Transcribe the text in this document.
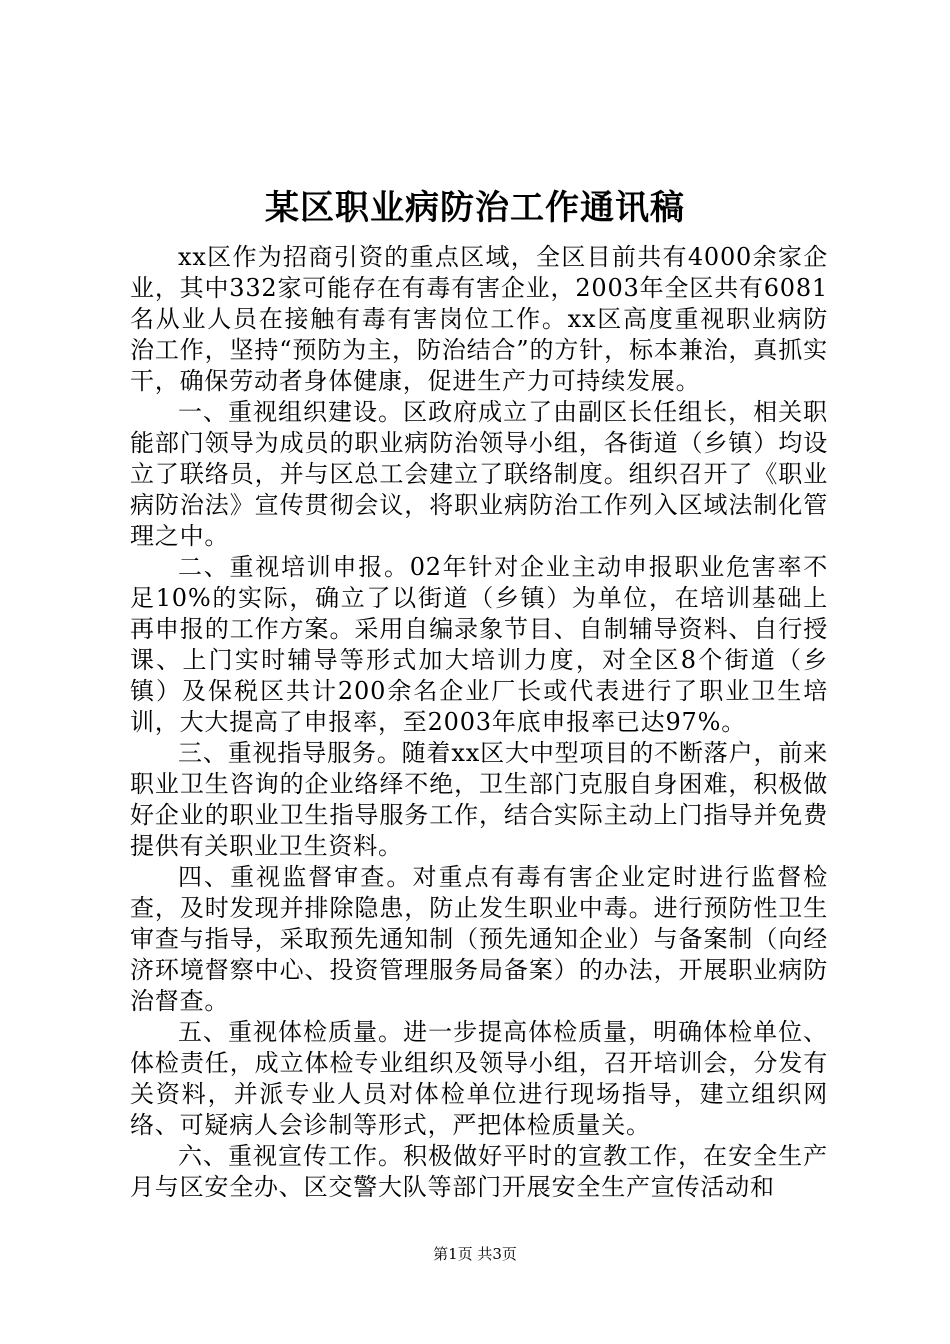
某区职业病防治工作通讯稿

xx区作为招商引资的重点区域，全区目前共有4000余家企业，其中332家可能存在有毒有害企业，2003年全区共有6081名从业人员在接触有毒有害岗位工作。xx区高度重视职业病防治工作，坚持“预防为主，防治结合”的方针，标本兼治，真抓实干，确保劳动者身体健康，促进生产力可持续发展。

一、重视组织建设。区政府成立了由副区长任组长，相关职能部门领导为成员的职业病防治领导小组，各街道（乡镇）均设立了联络员，并与区总工会建立了联络制度。组织召开了《职业病防治法》宣传贯彻会议，将职业病防治工作列入区域法制化管理之中。

二、重视培训申报。02年针对企业主动申报职业危害率不足10%的实际，确立了以街道（乡镇）为单位，在培训基础上再申报的工作方案。采用自编录象节目、自制辅导资料、自行授课、上门实时辅导等形式加大培训力度，对全区8个街道（乡镇）及保税区共计200余名企业厂长或代表进行了职业卫生培训，大大提高了申报率，至2003年底申报率已达97%。

三、重视指导服务。随着xx区大中型项目的不断落户，前来职业卫生咨询的企业络绎不绝，卫生部门克服自身困难，积极做好企业的职业卫生指导服务工作，结合实际主动上门指导并免费提供有关职业卫生资料。

四、重视监督审查。对重点有毒有害企业定时进行监督检查，及时发现并排除隐患，防止发生职业中毒。进行预防性卫生审查与指导，采取预先通知制（预先通知企业）与备案制（向经济环境督察中心、投资管理服务局备案）的办法，开展职业病防治督查。

五、重视体检质量。进一步提高体检质量，明确体检单位、体检责任，成立体检专业组织及领导小组，召开培训会，分发有关资料，并派专业人员对体检单位进行现场指导，建立组织网络、可疑病人会诊制等形式，严把体检质量关。

六、重视宣传工作。积极做好平时的宣教工作，在安全生产月与区安全办、区交警大队等部门开展安全生产宣传活动和

第1页 共3页
